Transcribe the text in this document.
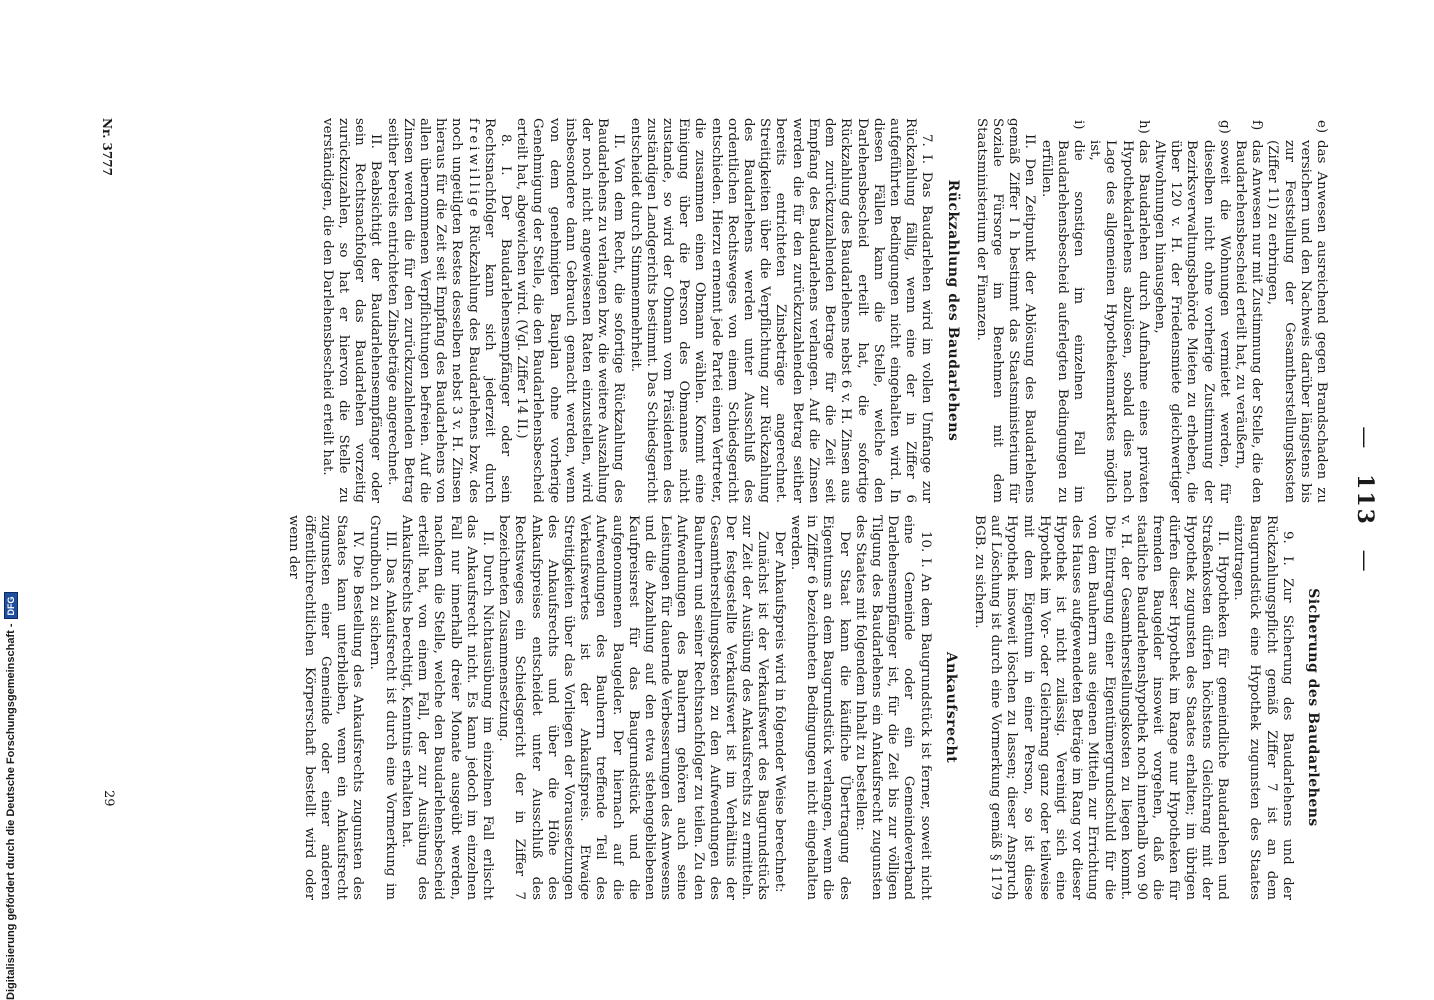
Digitalisierung gefördert durch die Deutsche Forschungsgemeinschaft -
DFG
— 113 —
e)
das Anwesen ausreichend gegen Brandschaden zu versichern und den Nachweis darüber längstens bis zur Feststellung der Gesamtherstellungskosten (Ziffer 11) zu erbringen,
f)
das Anwesen nur mit Zustimmung der Stelle, die den Baudarlehensbescheid erteilt hat, zu veräußern,
g)
soweit die Wohnungen vermietet werden, für dieselben nicht ohne vorherige Zustimmung der Bezirksverwaltungsbehörde Mieten zu erheben, die über 120 v. H. der Friedensmiete gleichwertiger Altwohnungen hinausgehen,
h)
das Baudarlehen durch Aufnahme eines privaten Hypothekdarlehens abzulösen, sobald dies nach Lage des allgemeinen Hypothekenmarktes möglich ist,
i)
die sonstigen im einzelnen Fall im Baudarlehensbescheid auferlegten Bedingungen zu erfüllen.

II. Den Zeitpunkt der Ablösung des Baudarlehens gemäß Ziffer I h bestimmt das Staatsministerium für Soziale Fürsorge im Benehmen mit dem Staatsministerium der Finanzen.

Rückzahlung des Baudarlehens

7. I. Das Baudarlehen wird im vollen Umfange zur Rückzahlung fällig, wenn eine der in Ziffer 6 aufgeführten Bedingungen nicht eingehalten wird. In diesen Fällen kann die Stelle, welche den Darlehensbescheid erteilt hat, die sofortige Rückzahlung des Baudarlehens nebst 6 v. H. Zinsen aus dem zurückzuzahlenden Betrage für die Zeit seit Empfang des Baudarlehens verlangen. Auf die Zinsen werden die für den zurückzuzahlenden Betrag seither bereits entrichteten Zinsbeträge angerechnet. Streitigkeiten über die Verpflichtung zur Rückzahlung des Baudarlehens werden unter Ausschluß des ordentlichen Rechtsweges von einem Schiedsgericht entschieden. Hierzu ernennt jede Partei einen Vertreter, die zusammen einen Obmann wählen. Kommt eine Einigung über die Person des Obmannes nicht zustande, so wird der Obmann vom Präsidenten des zuständigen Landgerichts bestimmt. Das Schiedsgericht entscheidet durch Stimmenmehrheit.

II. Von dem Recht, die sofortige Rückzahlung des Baudarlehens zu verlangen bzw. die weitere Auszahlung der noch nicht angewiesenen Raten einzustellen, wird insbesondere dann Gebrauch gemacht werden, wenn von dem genehmigten Bauplan ohne vorherige Genehmigung der Stelle, die den Baudarlehensbescheid erteilt hat, abgewichen wird. (Vgl. Ziffer 14 II.)

8. I. Der Baudarlehensempfänger oder sein Rechtsnachfolger kann sich jederzeit durch freiwillige Rückzahlung des Baudarlehens bzw. des noch ungetilgten Restes desselben nebst 3 v. H. Zinsen hieraus für die Zeit seit Empfang des Baudarlehens von allen übernommenen Verpflichtungen befreien. Auf die Zinsen werden die für den zurückzuzahlenden Betrag seither bereits entrichteten Zinsbeträge angerechnet.

II. Beabsichtigt der Baudarlehensempfänger oder sein Rechtsnachfolger das Baudarlehen vorzeitig zurückzuzahlen, so hat er hiervon die Stelle zu verständigen, die den Darlehensbescheid erteilt hat.

Sicherung des Baudarlehens

9. I. Zur Sicherung des Baudarlehens und der Rückzahlungspflicht gemäß Ziffer 7 ist an dem Baugrundstück eine Hypothek zugunsten des Staates einzutragen.

II. Hypotheken für gemeindliche Baudarlehen und Straßenkosten dürfen höchstens Gleichrang mit der Hypothek zugunsten des Staates erhalten; im übrigen dürfen dieser Hypothek im Range nur Hypotheken für fremden Baugelder insoweit vorgehen, daß die staatliche Baudarlehenshypothek noch innerhalb von 90 v. H. der Gesamtherstellungskosten zu liegen kommt. Die Eintragung einer Eigentümergrundschuld für die von dem Bauherrn aus eigenen Mitteln zur Errichtung des Hauses aufgewendeten Beträge im Rang vor dieser Hypothek ist nicht zulässig. Vereinigt sich eine Hypothek im Vor- oder Gleichrang ganz oder teilweise mit dem Eigentum in einer Person, so ist diese Hypothek insoweit löschen zu lassen; dieser Anspruch auf Löschung ist durch eine Vormerkung gemäß § 1179 BGB. zu sichern.

Ankaufsrecht

10. I. An dem Baugrundstück ist ferner, soweit nicht eine Gemeinde oder ein Gemeindeverband Darlehensempfänger ist, für die Zeit bis zur völligen Tilgung des Baudarlehens ein Ankaufsrecht zugunsten des Staates mit folgendem Inhalt zu bestellen:

Der Staat kann die käufliche Übertragung des Eigentums an dem Baugrundstück verlangen, wenn die in Ziffer 6 bezeichneten Bedingungen nicht eingehalten werden.

Der Ankaufspreis wird in folgender Weise berechnet:

Zunächst ist der Verkaufswert des Baugrundstücks zur Zeit der Ausübung des Ankaufsrechts zu ermitteln. Der festgestellte Verkaufswert ist im Verhältnis der Gesamtherstellungskosten zu den Aufwendungen des Bauherrn und seiner Rechtsnachfolger zu teilen. Zu den Aufwendungen des Bauherrn gehören auch seine Leistungen für dauernde Verbesserungen des Anwesens und die Abzahlung auf den etwa stehengebliebenen Kaufpreisrest für das Baugrundstück und die aufgenommenen Baugelder. Der hiernach auf die Aufwendungen des Bauherrn treffende Teil des Verkaufswertes ist der Ankaufspreis. Etwaige Streitigkeiten über das Vorliegen der Voraussetzungen des Ankaufsrechts und über die Höhe des Ankaufspreises entscheidet unter Ausschluß des Rechtsweges ein Schiedsgericht der in Ziffer 7 bezeichneten Zusammensetzung.

II. Durch Nichtausübung im einzelnen Fall erlischt das Ankaufsrecht nicht. Es kann jedoch im einzelnen Fall nur innerhalb dreier Monate ausgeübt werden, nachdem die Stelle, welche den Baudarlehensbescheid erteilt hat, von einem Fall, der zur Ausübung des Ankaufsrechts berechtigt, Kenntnis erhalten hat.

III. Das Ankaufsrecht ist durch eine Vormerkung im Grundbuch zu sichern.

IV. Die Bestellung des Ankaufsrechts zugunsten des Staates kann unterbleiben, wenn ein Ankaufsrecht zugunsten einer Gemeinde oder einer anderen öffentlichrechtlichen Körperschaft bestellt wird oder wenn der

Nr. 3777
29
